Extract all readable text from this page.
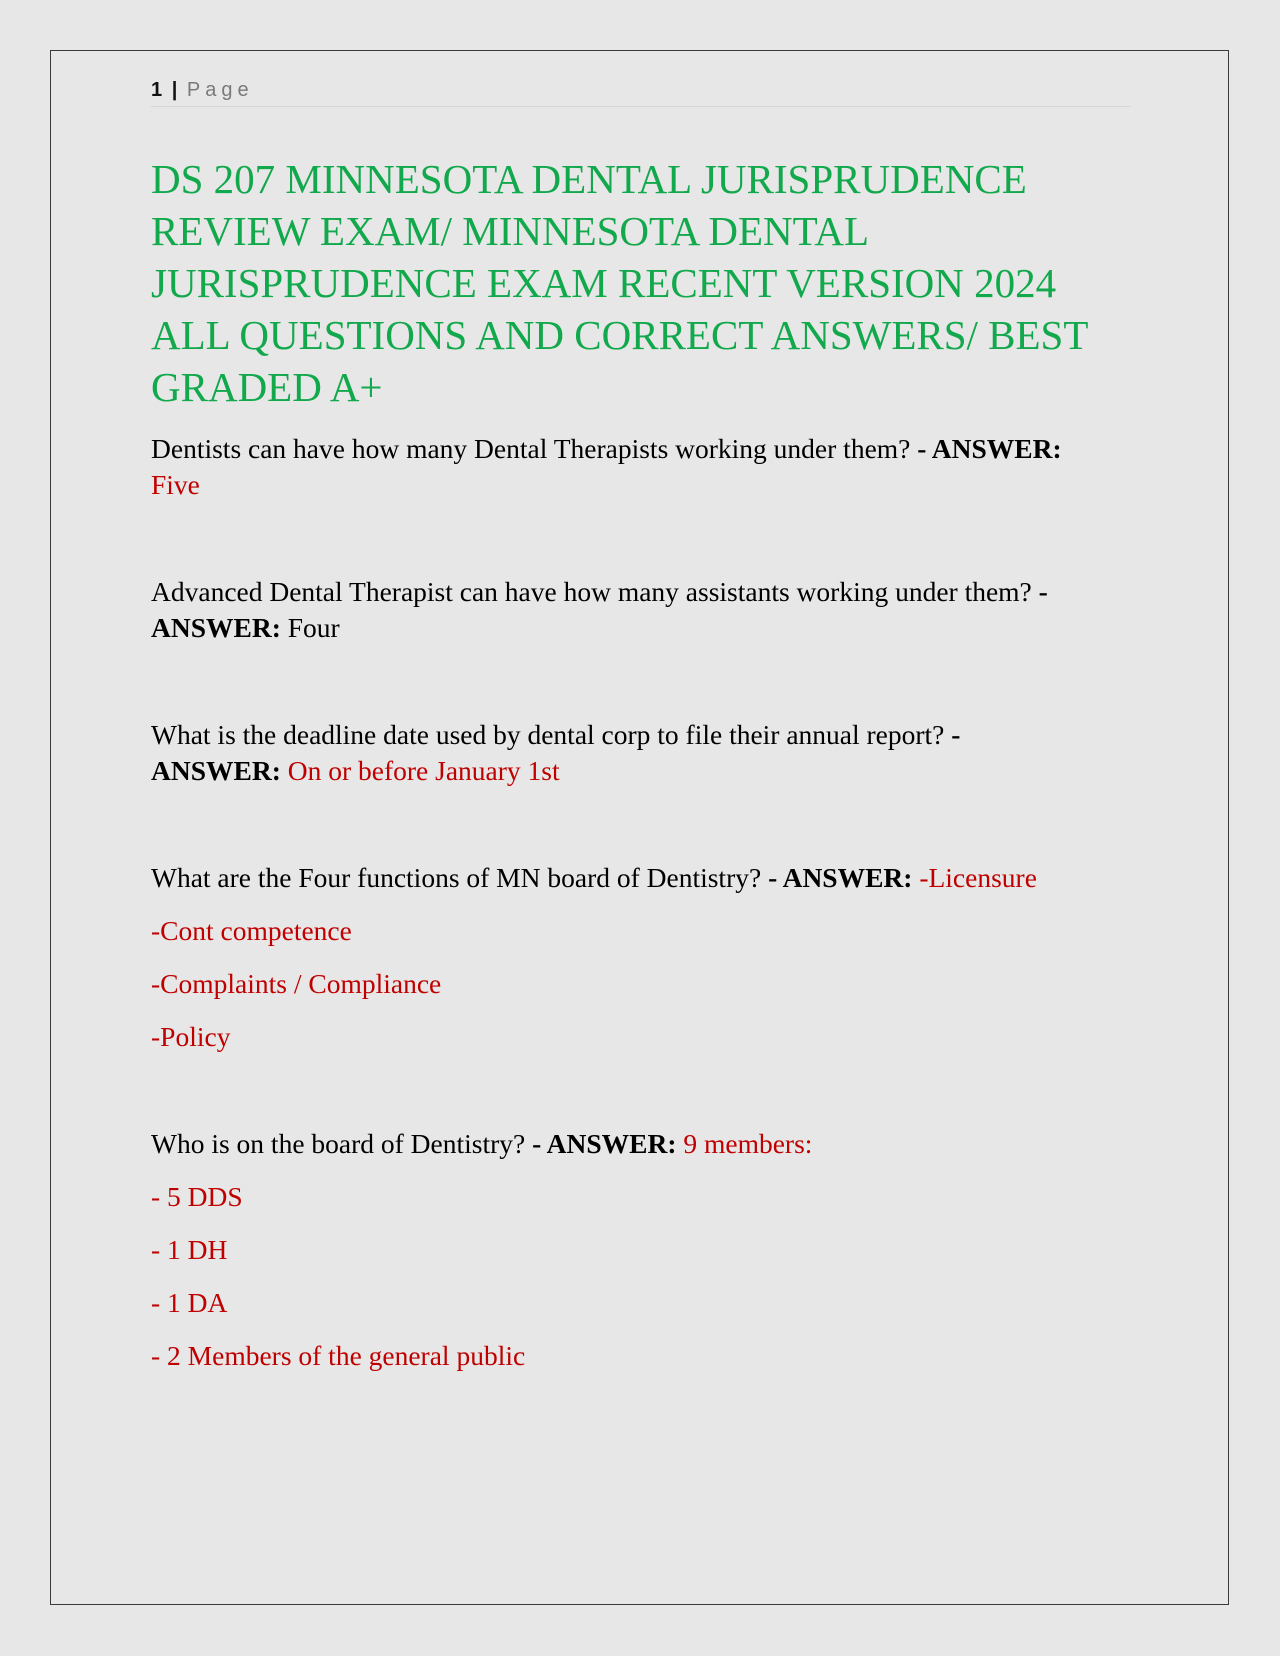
1 | Page
DS 207 MINNESOTA DENTAL JURISPRUDENCE REVIEW EXAM/ MINNESOTA DENTAL JURISPRUDENCE EXAM RECENT VERSION 2024 ALL QUESTIONS AND CORRECT ANSWERS/ BEST GRADED A+
Dentists can have how many Dental Therapists working under them? - ANSWER:
Five
Advanced Dental Therapist can have how many assistants working under them? -
ANSWER: Four
What is the deadline date used by dental corp to file their annual report? -
ANSWER: On or before January 1st
What are the Four functions of MN board of Dentistry? - ANSWER: -Licensure
-Cont competence
-Complaints / Compliance
-Policy
Who is on the board of Dentistry? - ANSWER: 9 members:
- 5 DDS
- 1 DH
- 1 DA
- 2 Members of the general public
